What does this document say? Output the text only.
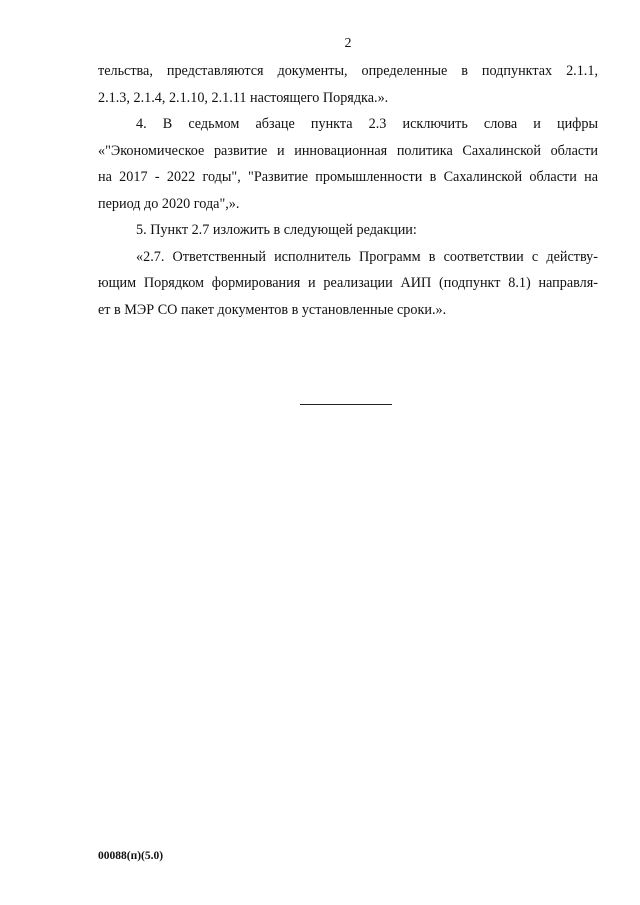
2
тельства, представляются документы, определенные в подпунктах 2.1.1,
2.1.3, 2.1.4, 2.1.10, 2.1.11 настоящего Порядка.».
4. В седьмом абзаце пункта 2.3 исключить слова и цифры
«"Экономическое развитие и инновационная политика Сахалинской области
на 2017 - 2022 годы", "Развитие промышленности в Сахалинской области на
период до 2020 года",».
5. Пункт 2.7 изложить в следующей редакции:
«2.7. Ответственный исполнитель Программ в соответствии с действу-
ющим Порядком формирования и реализации АИП (подпункт 8.1) направля-
ет в МЭР СО пакет документов в установленные сроки.».
00088(п)(5.0)
